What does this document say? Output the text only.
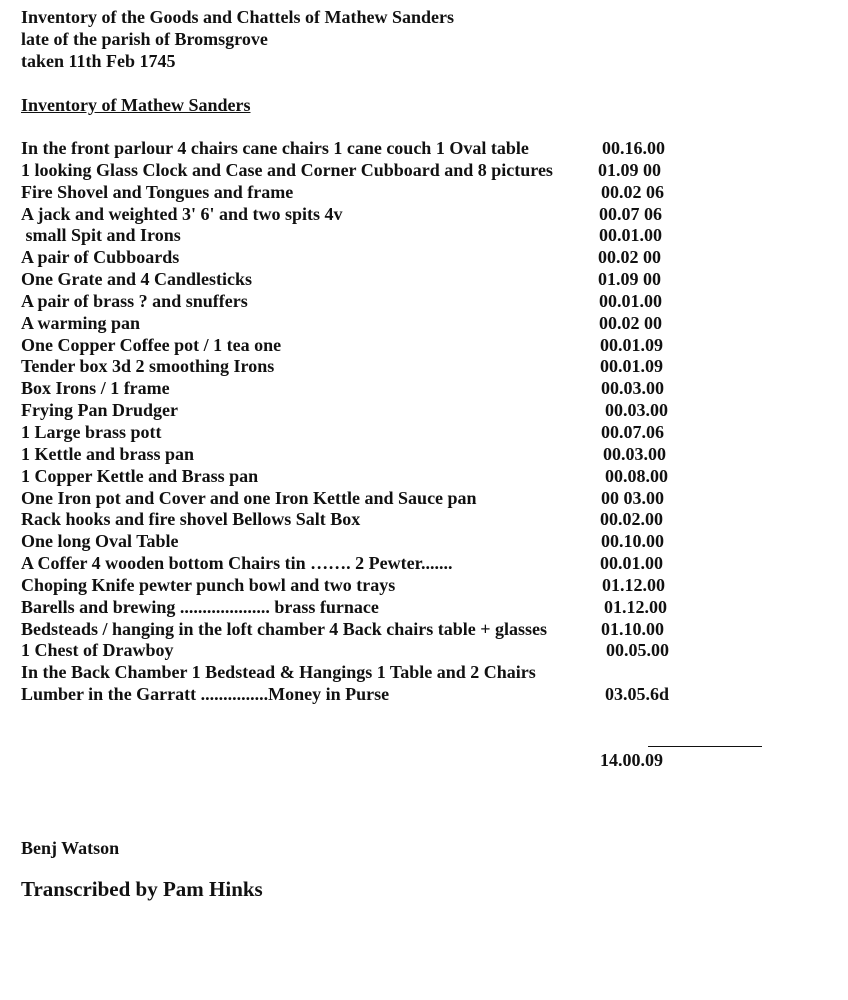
Inventory of the Goods and Chattels of Mathew Sanders
late of the parish of Bromsgrove
taken 11th Feb 1745
Inventory of Mathew Sanders
In the front parlour 4 chairs cane chairs 1 cane couch 1 Oval table	00.16.00
1 looking Glass Clock and Case and Corner Cubboard and 8 pictures	01.09 00
Fire Shovel and Tongues and frame	00.02 06
A jack and weighted 3' 6' and two spits 4v	00.07 06
small Spit and Irons	00.01.00
A pair of Cubboards	00.02 00
One Grate and 4 Candlesticks	01.09 00
A pair of brass ? and snuffers	00.01.00
A warming pan	00.02 00
One Copper Coffee pot / 1 tea one	00.01.09
Tender box 3d 2 smoothing Irons	00.01.09
Box Irons / 1 frame	00.03.00
Frying Pan Drudger	00.03.00
1 Large brass pott	00.07.06
1 Kettle and brass pan	00.03.00
1 Copper Kettle and Brass pan	00.08.00
One Iron pot and Cover and one Iron Kettle and Sauce pan	00 03.00
Rack hooks and fire shovel Bellows Salt Box	00.02.00
One long Oval Table	00.10.00
A Coffer 4 wooden bottom Chairs tin ……. 2 Pewter.......	00.01.00
Choping Knife pewter punch bowl and two trays	01.12.00
Barells and brewing .................... brass furnace	01.12.00
Bedsteads / hanging in the loft chamber 4 Back chairs table + glasses	01.10.00
1 Chest of Drawboy	00.05.00
In the Back Chamber 1 Bedstead & Hangings 1 Table and 2 Chairs
Lumber in the Garratt ...............Money in Purse	03.05.6d
14.00.09
Benj Watson
Transcribed by Pam Hinks
